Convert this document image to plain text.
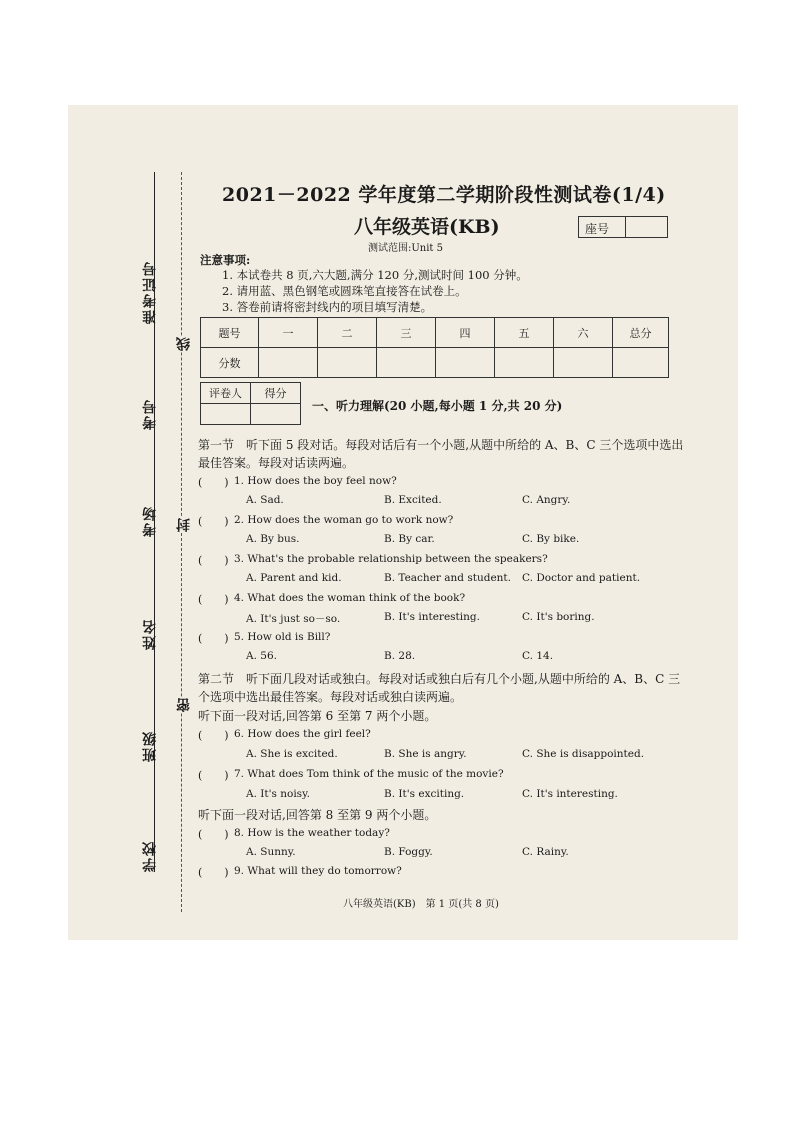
准考证号
考号
考场
姓名
班级
学校
线
封
密
2021－2022 学年度第二学期阶段性测试卷(1/4)
八年级英语(KB)	座号
测试范围:Unit 5
注意事项:
1. 本试卷共 8 页,六大题,满分 120 分,测试时间 100 分钟。
2. 请用蓝、黑色钢笔或圆珠笔直接答在试卷上。
3. 答卷前请将密封线内的项目填写清楚。
题号	一	二	三	四	五	六	总分
分数							
评卷人	得分

一、听力理解(20 小题,每小题 1 分,共 20 分)
第一节　听下面 5 段对话。每段对话后有一个小题,从题中所给的 A、B、C 三个选项中选出
最佳答案。每段对话读两遍。
(　　) 1. How does the boy feel now?
A. Sad.	B. Excited.	C. Angry.
(　　) 2. How does the woman go to work now?
A. By bus.	B. By car.	C. By bike.
(　　) 3. What's the probable relationship between the speakers?
A. Parent and kid.	B. Teacher and student. C. Doctor and patient.
(　　) 4. What does the woman think of the book?
A. It's just so－so.	B. It's interesting.	C. It's boring.
(　　) 5. How old is Bill?
A. 56.	B. 28.	C. 14.
第二节　听下面几段对话或独白。每段对话或独白后有几个小题,从题中所给的 A、B、C 三
个选项中选出最佳答案。每段对话或独白读两遍。
听下面一段对话,回答第 6 至第 7 两个小题。
(　　) 6. How does the girl feel?
A. She is excited.	B. She is angry.	C. She is disappointed.
(　　) 7. What does Tom think of the music of the movie?
A. It's noisy.	B. It's exciting.	C. It's interesting.
听下面一段对话,回答第 8 至第 9 两个小题。
(　　) 8. How is the weather today?
A. Sunny.	B. Foggy.	C. Rainy.
(　　) 9. What will they do tomorrow?
八年级英语(KB)　第 1 页(共 8 页)
